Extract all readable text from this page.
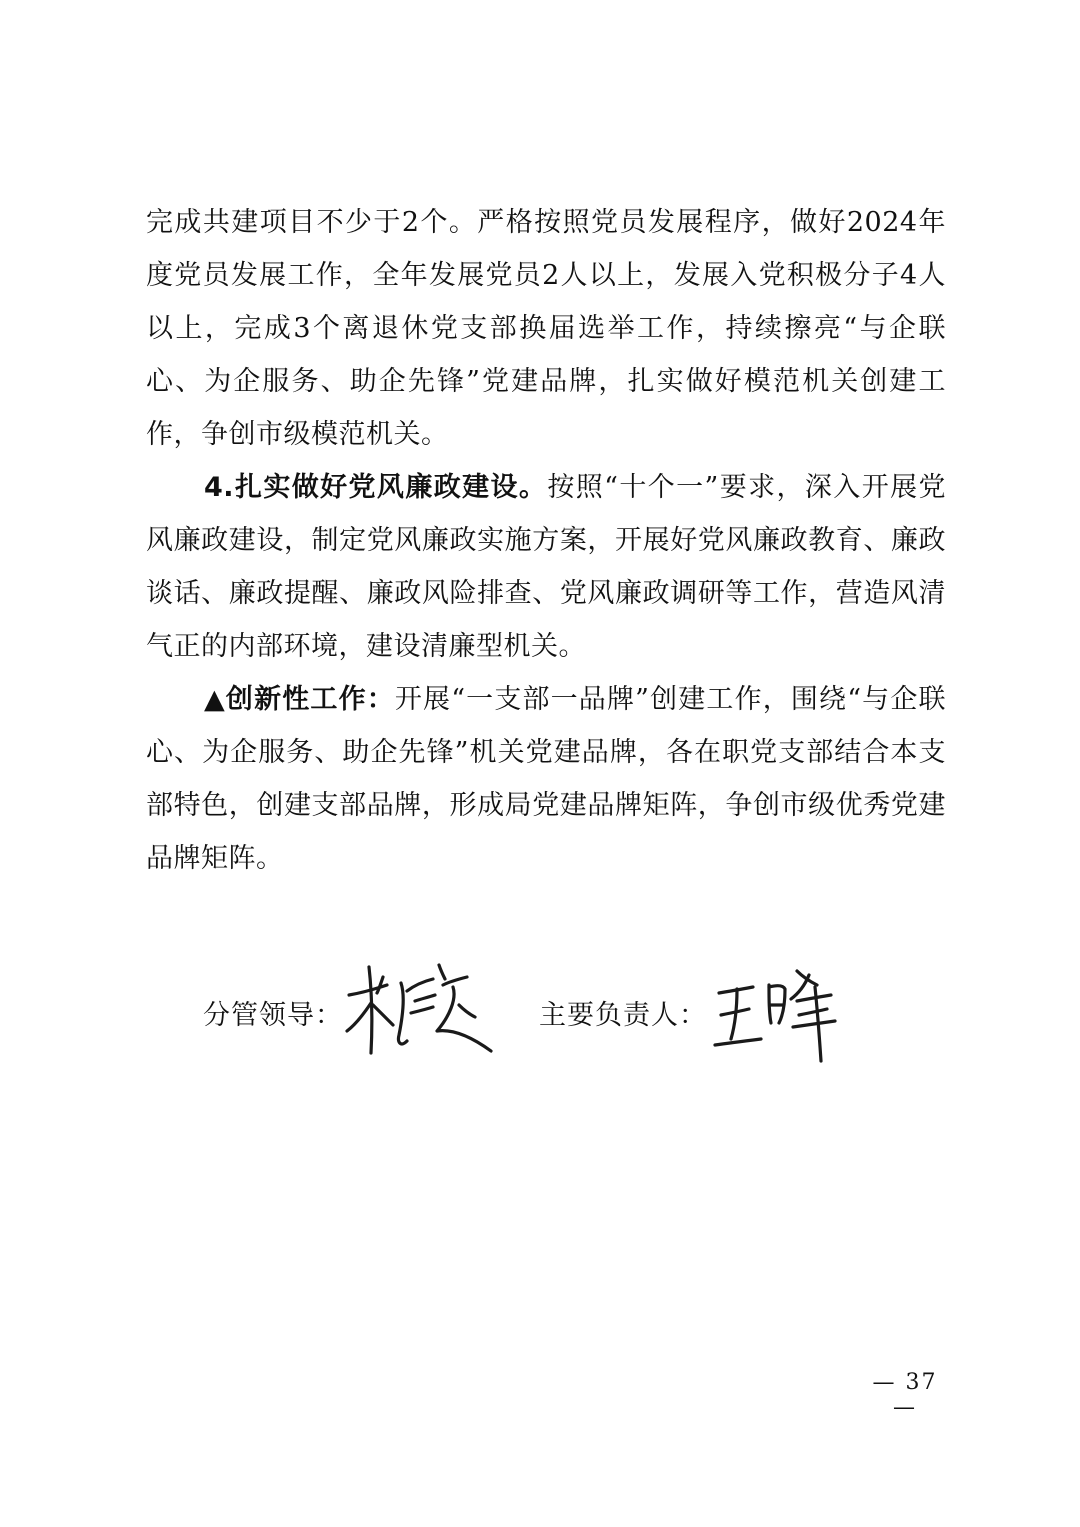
完成共建项目不少于2个。严格按照党员发展程序，做好2024年度党员发展工作，全年发展党员2人以上，发展入党积极分子4人以上，完成3个离退休党支部换届选举工作，持续擦亮“与企联心、为企服务、助企先锋”党建品牌，扎实做好模范机关创建工作，争创市级模范机关。

4.扎实做好党风廉政建设。按照“十个一”要求，深入开展党风廉政建设，制定党风廉政实施方案，开展好党风廉政教育、廉政谈话、廉政提醒、廉政风险排查、党风廉政调研等工作，营造风清气正的内部环境，建设清廉型机关。

▲创新性工作：开展“一支部一品牌”创建工作，围绕“与企联心、为企服务、助企先锋”机关党建品牌，各在职党支部结合本支部特色，创建支部品牌，形成局党建品牌矩阵，争创市级优秀党建品牌矩阵。

分管领导：	主要负责人：
— 37 —
